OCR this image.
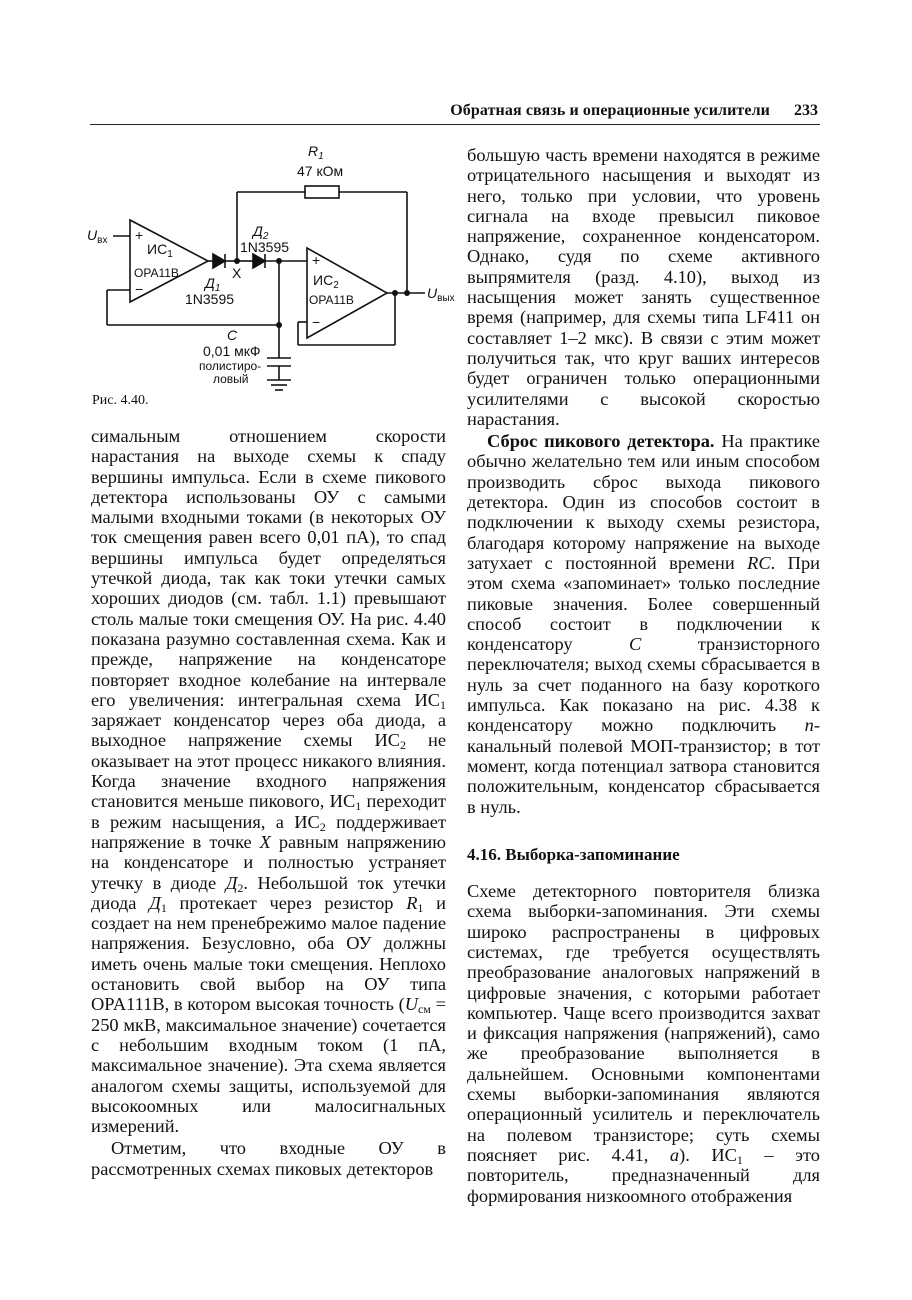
Обратная связь и операционные усилители 233
$R_1$
47 кОм
$Д_2$
1N3595
X
$Д_1$
1N3595
$ИС_1$
OPA11B	$ИС_2$
OPA11B
+
−
+
−
$U_{вх}$
$U_{вых}$
C
0,01 мкФ
полистиро-
ловый
Рис. 4.40.

симальным отношением скорости нарастания на выходе схемы к спаду вершины импульса. Если в схеме пикового детектора использованы ОУ с самыми малыми входными токами (в некоторых ОУ ток смещения равен всего 0,01 пА), то спад вершины импульса будет определяться утечкой диода, так как токи утечки самых хороших диодов (см. табл. 1.1) превышают столь малые токи смещения ОУ. На рис. 4.40 показана разумно составленная схема. Как и прежде, напряжение на конденсаторе повторяет входное колебание на интервале его увеличения: интегральная схема $ИС_1$ заряжает конденсатор через оба диода, а выходное напряжение схемы $ИС_2$ не оказывает на этот процесс никакого влияния. Когда значение входного напряжения становится меньше пикового, $ИС_1$ переходит в режим насыщения, а $ИС_2$ поддерживает напряжение в точке X равным напряжению на конденсаторе и полностью устраняет утечку в диоде $Д_2$. Небольшой ток утечки диода $Д_1$ протекает через резистор $R_1$ и создает на нем пренебрежимо малое падение напряжения. Безусловно, оба ОУ должны иметь очень малые токи смещения. Неплохо остановить свой выбор на ОУ типа OPA111B, в котором высокая точность ($U_{см} = 250$ мкВ, максимальное значение) сочетается с небольшим входным током (1 пА, максимальное значение). Эта схема является аналогом схемы защиты, используемой для высокоомных или малосигнальных измерений.

Отметим, что входные ОУ в рассмотренных схемах пиковых детекторов

большую часть времени находятся в режиме отрицательного насыщения и выходят из него, только при условии, что уровень сигнала на входе превысил пиковое напряжение, сохраненное конденсатором. Однако, судя по схеме активного выпрямителя (разд. 4.10), выход из насыщения может занять существенное время (например, для схемы типа LF411 он составляет 1–2 мкс). В связи с этим может получиться так, что круг ваших интересов будет ограничен только операционными усилителями с высокой скоростью нарастания.

Сброс пикового детектора. На практике обычно желательно тем или иным способом производить сброс выхода пикового детектора. Один из способов состоит в подключении к выходу схемы резистора, благодаря которому напряжение на выходе затухает с постоянной времени RC. При этом схема «запоминает» только последние пиковые значения. Более совершенный способ состоит в подключении к конденсатору C транзисторного переключателя; выход схемы сбрасывается в нуль за счет поданного на базу короткого импульса. Как показано на рис. 4.38 к конденсатору можно подключить n-канальный полевой МОП-транзистор; в тот момент, когда потенциал затвора становится положительным, конденсатор сбрасывается в нуль.

4.16. Выборка-запоминание

Схеме детекторного повторителя близка схема выборки-запоминания. Эти схемы широко распространены в цифровых системах, где требуется осуществлять преобразование аналоговых напряжений в цифровые значения, с которыми работает компьютер. Чаще всего производится захват и фиксация напряжения (напряжений), само же преобразование выполняется в дальнейшем. Основными компонентами схемы выборки-запоминания являются операционный усилитель и переключатель на полевом транзисторе; суть схемы поясняет рис. 4.41, а). $ИС_1$ – это повторитель, предназначенный для формирования низкоомного отображения
